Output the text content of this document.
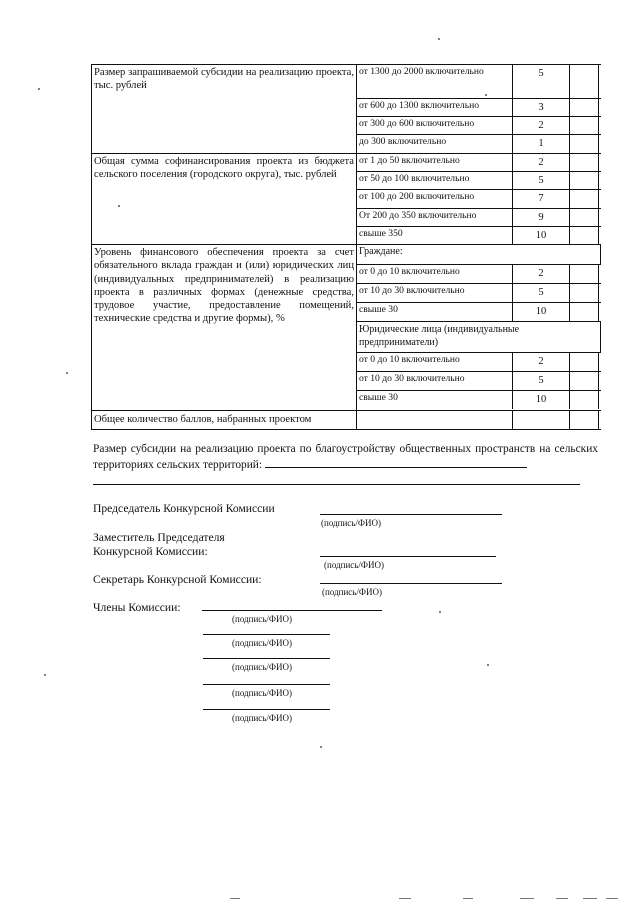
Размер запрашиваемой субсидии на реализацию проекта, тыс. рублей
от 1300 до 2000 включительно	5
от 600 до 1300 включительно	3
от 300 до 600 включительно	2
до 300 включительно	1
Общая сумма софинансирования проекта из бюджета сельского поселения (городского округа), тыс. рублей
от 1 до 50 включительно	2
от 50 до 100 включительно	5
от 100 до 200 включительно	7
От 200 до 350 включительно	9
свыше 350	10
Уровень финансового обеспечения проекта за счет обязательного вклада граждан и (или) юридических лиц (индивидуальных предпринимателей) в реализацию проекта в различных формах (денежные средства, трудовое участие, предоставление помещений, технические средства и другие формы), %
Граждане:
от 0 до 10 включительно	2
от 10 до 30 включительно	5
свыше 30	10
Юридические лица (индивидуальные предприниматели)
от 0 до 10 включительно	2
от 10 до 30 включительно	5
свыше 30	10
Общее количество баллов, набранных проектом
Размер субсидии на реализацию проекта по благоустройству общественных пространств на сельских территориях сельских территорий:
Председатель Конкурсной Комиссии
(подпись/ФИО)
Заместитель Председателя
Конкурсной Комиссии:
(подпись/ФИО)
Секретарь Конкурсной Комиссии:
(подпись/ФИО)
Члены Комиссии:
(подпись/ФИО)
(подпись/ФИО)
(подпись/ФИО)
(подпись/ФИО)
(подпись/ФИО)
